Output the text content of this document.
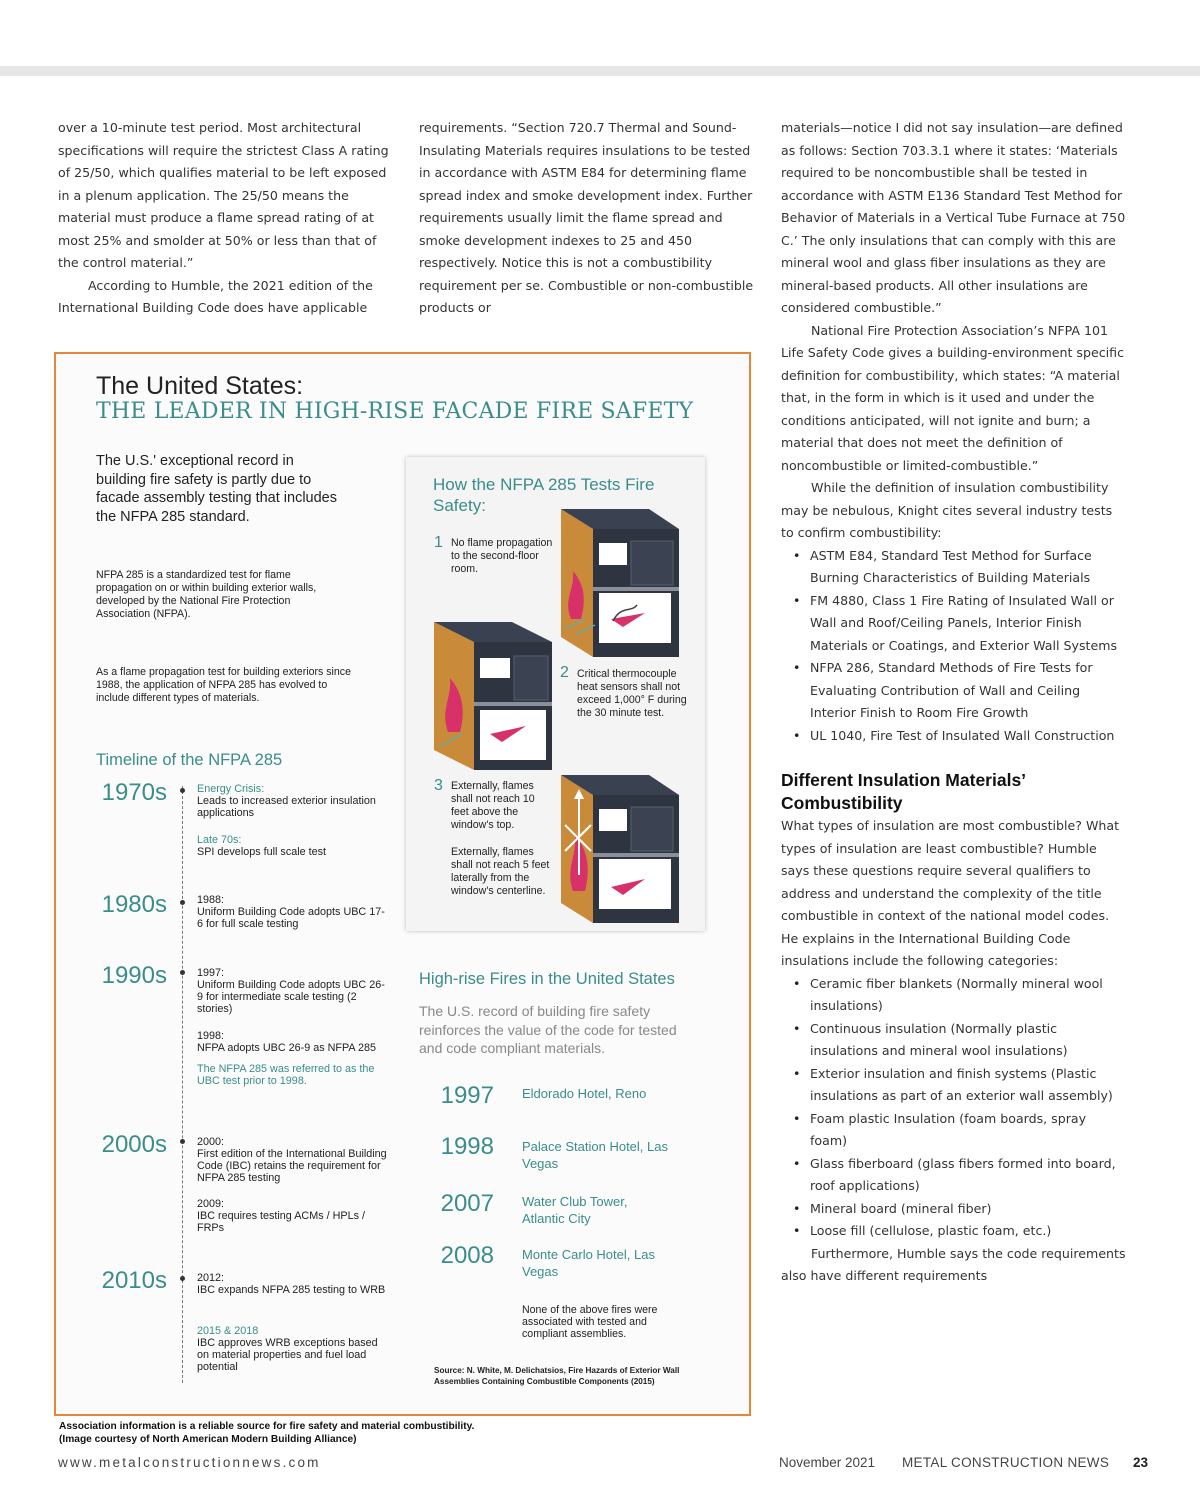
over a 10-minute test period. Most architectural specifications will require the strictest Class A rating of 25/50, which qualifies material to be left exposed in a plenum application. The 25/50 means the material must produce a flame spread rating of at most 25% and smolder at 50% or less than that of the control material.”

According to Humble, the 2021 edition of the International Building Code does have applicable

requirements. “Section 720.7 Thermal and Sound-Insulating Materials requires insulations to be tested in accordance with ASTM E84 for determining flame spread index and smoke development index. Further requirements usually limit the flame spread and smoke development indexes to 25 and 450 respectively. Notice this is not a combustibility requirement per se. Combustible or non-combustible products or

materials—notice I did not say insulation—are defined as follows: Section 703.3.1 where it states: ‘Materials required to be noncombustible shall be tested in accordance with ASTM E136 Standard Test Method for Behavior of Materials in a Vertical Tube Furnace at 750 C.’ The only insulations that can comply with this are mineral wool and glass fiber insulations as they are mineral-based products. All other insulations are considered combustible.”

National Fire Protection Association’s NFPA 101 Life Safety Code gives a building-environment specific definition for combustibility, which states: “A material that, in the form in which is it used and under the conditions anticipated, will not ignite and burn; a material that does not meet the definition of noncombustible or limited-combustible.”

While the definition of insulation combustibility may be nebulous, Knight cites several industry tests to confirm combustibility:

• ASTM E84, Standard Test Method for Surface Burning Characteristics of Building Materials
• FM 4880, Class 1 Fire Rating of Insulated Wall or Wall and Roof/Ceiling Panels, Interior Finish Materials or Coatings, and Exterior Wall Systems
• NFPA 286, Standard Methods of Fire Tests for Evaluating Contribution of Wall and Ceiling Interior Finish to Room Fire Growth
• UL 1040, Fire Test of Insulated Wall Construction
Different Insulation Materials’ Combustibility

What types of insulation are most combustible? What types of insulation are least combustible? Humble says these questions require several qualifiers to address and understand the complexity of the title combustible in context of the national model codes. He explains in the International Building Code insulations include the following categories:

• Ceramic fiber blankets (Normally mineral wool insulations)
• Continuous insulation (Normally plastic insulations and mineral wool insulations)
• Exterior insulation and finish systems (Plastic insulations as part of an exterior wall assembly)
• Foam plastic Insulation (foam boards, spray foam)
• Glass fiberboard (glass fibers formed into board, roof applications)
• Mineral board (mineral fiber)
• Loose fill (cellulose, plastic foam, etc.)

Furthermore, Humble says the code requirements also have different requirements

The United States:
THE LEADER IN HIGH-RISE FACADE FIRE SAFETY
The U.S.' exceptional record in building fire safety is partly due to facade assembly testing that includes the NFPA 285 standard.
NFPA 285 is a standardized test for flame propagation on or within building exterior walls, developed by the National Fire Protection Association (NFPA).
As a flame propagation test for building exteriors since 1988, the application of NFPA 285 has evolved to include different types of materials.
Timeline of the NFPA 285
1970s
1980s
1990s
2000s
2010s
Energy Crisis:
Leads to increased exterior insulation applications
Late 70s:
SPI develops full scale test
1988:
Uniform Building Code adopts UBC 17-6 for full scale testing
1997:
Uniform Building Code adopts UBC 26-9 for intermediate scale testing (2 stories)
1998:
NFPA adopts UBC 26-9 as NFPA 285
The NFPA 285 was referred to as the UBC test prior to 1998.
2000:
First edition of the International Building Code (IBC) retains the requirement for NFPA 285 testing
2009:
IBC requires testing ACMs / HPLs / FRPs
2012:
IBC expands NFPA 285 testing to WRB
2015 & 2018
IBC approves WRB exceptions based on material properties and fuel load potential
How the NFPA 285 Tests Fire Safety:
1 No flame propagation to the second-floor room.
2 Critical thermocouple heat sensors shall not exceed 1,000° F during the 30 minute test.
3 Externally, flames shall not reach 10 feet above the window's top.
Externally, flames shall not reach 5 feet laterally from the window's centerline.
High-rise Fires in the United States
The U.S. record of building fire safety reinforces the value of the code for tested and code compliant materials.
1997 Eldorado Hotel, Reno
1998 Palace Station Hotel, Las Vegas
2007 Water Club Tower, Atlantic City
2008 Monte Carlo Hotel, Las Vegas
None of the above fires were associated with tested and compliant assemblies.
Source: N. White, M. Delichatsios, Fire Hazards of Exterior Wall Assemblies Containing Combustible Components (2015)
Association information is a reliable source for fire safety and material combustibility.
(Image courtesy of North American Modern Building Alliance)
www.metalconstructionnews.com	November 2021 METAL CONSTRUCTION NEWS 23
